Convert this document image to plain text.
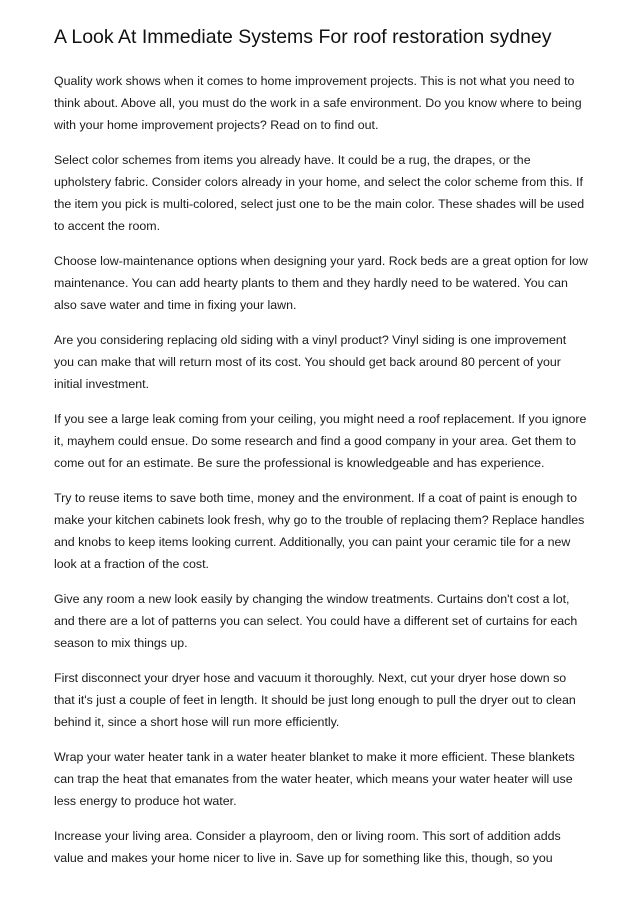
A Look At Immediate Systems For roof restoration sydney

Quality work shows when it comes to home improvement projects. This is not what you need to think about. Above all, you must do the work in a safe environment. Do you know where to being with your home improvement projects? Read on to find out.

Select color schemes from items you already have. It could be a rug, the drapes, or the upholstery fabric. Consider colors already in your home, and select the color scheme from this. If the item you pick is multi-colored, select just one to be the main color. These shades will be used to accent the room.

Choose low-maintenance options when designing your yard. Rock beds are a great option for low maintenance. You can add hearty plants to them and they hardly need to be watered. You can also save water and time in fixing your lawn.

Are you considering replacing old siding with a vinyl product? Vinyl siding is one improvement you can make that will return most of its cost. You should get back around 80 percent of your initial investment.

If you see a large leak coming from your ceiling, you might need a roof replacement. If you ignore it, mayhem could ensue. Do some research and find a good company in your area. Get them to come out for an estimate. Be sure the professional is knowledgeable and has experience.

Try to reuse items to save both time, money and the environment. If a coat of paint is enough to make your kitchen cabinets look fresh, why go to the trouble of replacing them? Replace handles and knobs to keep items looking current. Additionally, you can paint your ceramic tile for a new look at a fraction of the cost.

Give any room a new look easily by changing the window treatments. Curtains don't cost a lot, and there are a lot of patterns you can select. You could have a different set of curtains for each season to mix things up.

First disconnect your dryer hose and vacuum it thoroughly. Next, cut your dryer hose down so that it's just a couple of feet in length. It should be just long enough to pull the dryer out to clean behind it, since a short hose will run more efficiently.

Wrap your water heater tank in a water heater blanket to make it more efficient. These blankets can trap the heat that emanates from the water heater, which means your water heater will use less energy to produce hot water.

Increase your living area. Consider a playroom, den or living room. This sort of addition adds value and makes your home nicer to live in. Save up for something like this, though, so you
